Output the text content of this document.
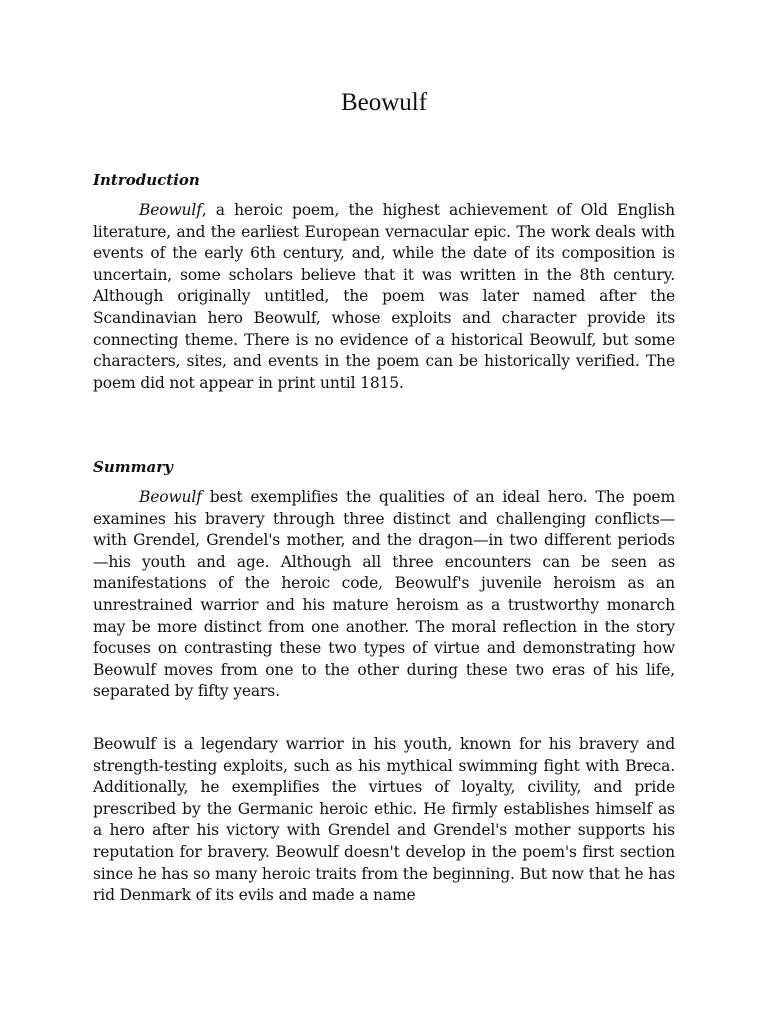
Beowulf
Introduction

Beowulf, a heroic poem, the highest achievement of Old English literature, and the earliest European vernacular epic. The work deals with events of the early 6th century, and, while the date of its composition is uncertain, some scholars believe that it was written in the 8th century. Although originally untitled, the poem was later named after the Scandinavian hero Beowulf, whose exploits and character provide its connecting theme. There is no evidence of a historical Beowulf, but some characters, sites, and events in the poem can be historically verified. The poem did not appear in print until 1815.

Summary

Beowulf best exemplifies the qualities of an ideal hero. The poem examines his bravery through three distinct and challenging conflicts—with Grendel, Grendel's mother, and the dragon—in two different periods—his youth and age. Although all three encounters can be seen as manifestations of the heroic code, Beowulf's juvenile heroism as an unrestrained warrior and his mature heroism as a trustworthy monarch may be more distinct from one another. The moral reflection in the story focuses on contrasting these two types of virtue and demonstrating how Beowulf moves from one to the other during these two eras of his life, separated by fifty years.

Beowulf is a legendary warrior in his youth, known for his bravery and strength-testing exploits, such as his mythical swimming fight with Breca. Additionally, he exemplifies the virtues of loyalty, civility, and pride prescribed by the Germanic heroic ethic. He firmly establishes himself as a hero after his victory with Grendel and Grendel's mother supports his reputation for bravery. Beowulf doesn't develop in the poem's first section since he has so many heroic traits from the beginning. But now that he has rid Denmark of its evils and made a name
